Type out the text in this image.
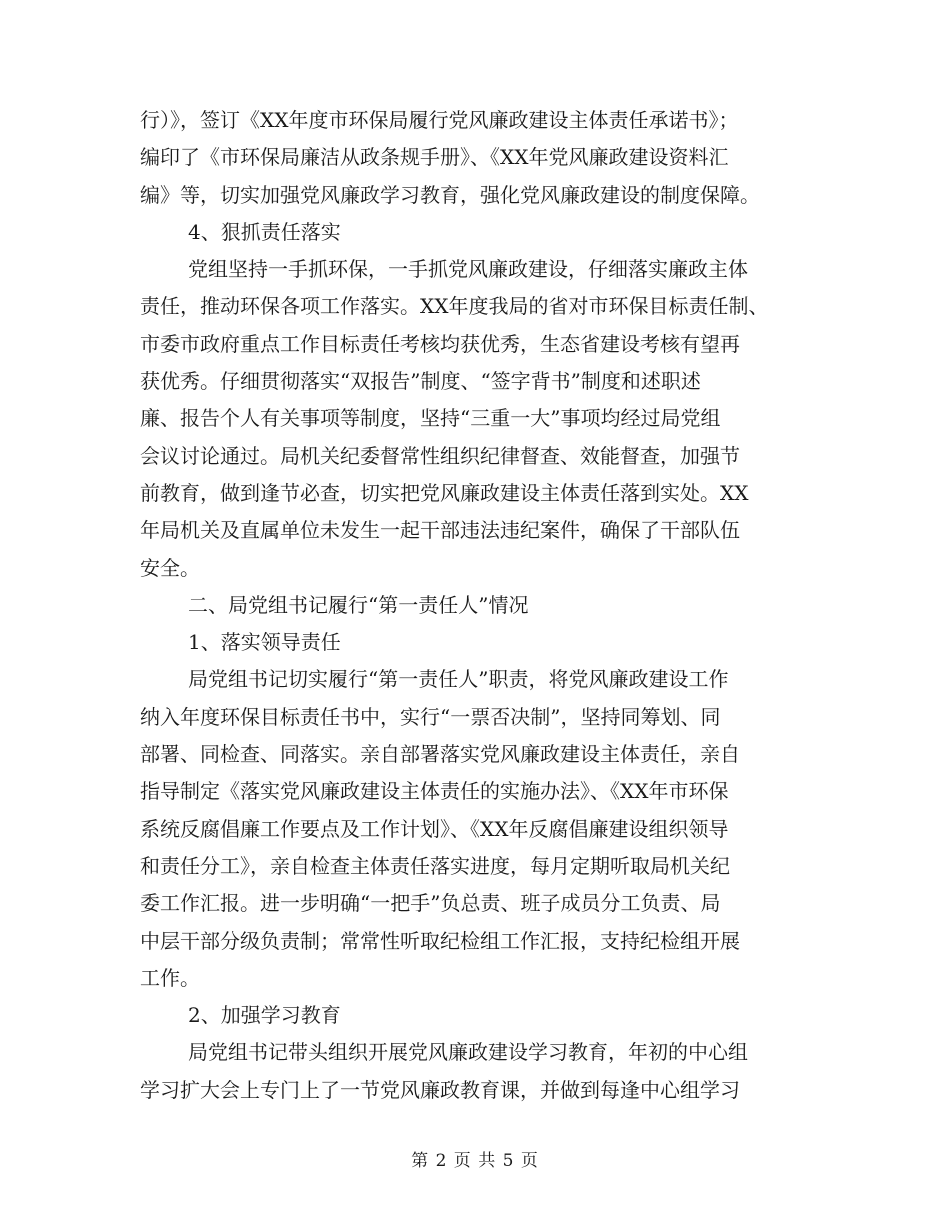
行）》，签订《XX年度市环保局履行党风廉政建设主体责任承诺书》；
编印了《市环保局廉洁从政条规手册》、《XX年党风廉政建设资料汇
编》等，切实加强党风廉政学习教育，强化党风廉政建设的制度保障。
4、狠抓责任落实
党组坚持一手抓环保，一手抓党风廉政建设，仔细落实廉政主体
责任，推动环保各项工作落实。XX年度我局的省对市环保目标责任制、
市委市政府重点工作目标责任考核均获优秀，生态省建设考核有望再
获优秀。仔细贯彻落实“双报告”制度、“签字背书”制度和述职述
廉、报告个人有关事项等制度，坚持“三重一大”事项均经过局党组
会议讨论通过。局机关纪委督常性组织纪律督查、效能督查，加强节
前教育，做到逢节必查，切实把党风廉政建设主体责任落到实处。XX
年局机关及直属单位未发生一起干部违法违纪案件，确保了干部队伍
安全。
二、局党组书记履行“第一责任人”情况
1、落实领导责任
局党组书记切实履行“第一责任人”职责，将党风廉政建设工作
纳入年度环保目标责任书中，实行“一票否决制”，坚持同筹划、同
部署、同检查、同落实。亲自部署落实党风廉政建设主体责任，亲自
指导制定《落实党风廉政建设主体责任的实施办法》、《XX年市环保
系统反腐倡廉工作要点及工作计划》、《XX年反腐倡廉建设组织领导
和责任分工》，亲自检查主体责任落实进度，每月定期听取局机关纪
委工作汇报。进一步明确“一把手”负总责、班子成员分工负责、局
中层干部分级负责制；常常性听取纪检组工作汇报，支持纪检组开展
工作。
2、加强学习教育
局党组书记带头组织开展党风廉政建设学习教育，年初的中心组
学习扩大会上专门上了一节党风廉政教育课，并做到每逢中心组学习
第 2 页 共 5 页
